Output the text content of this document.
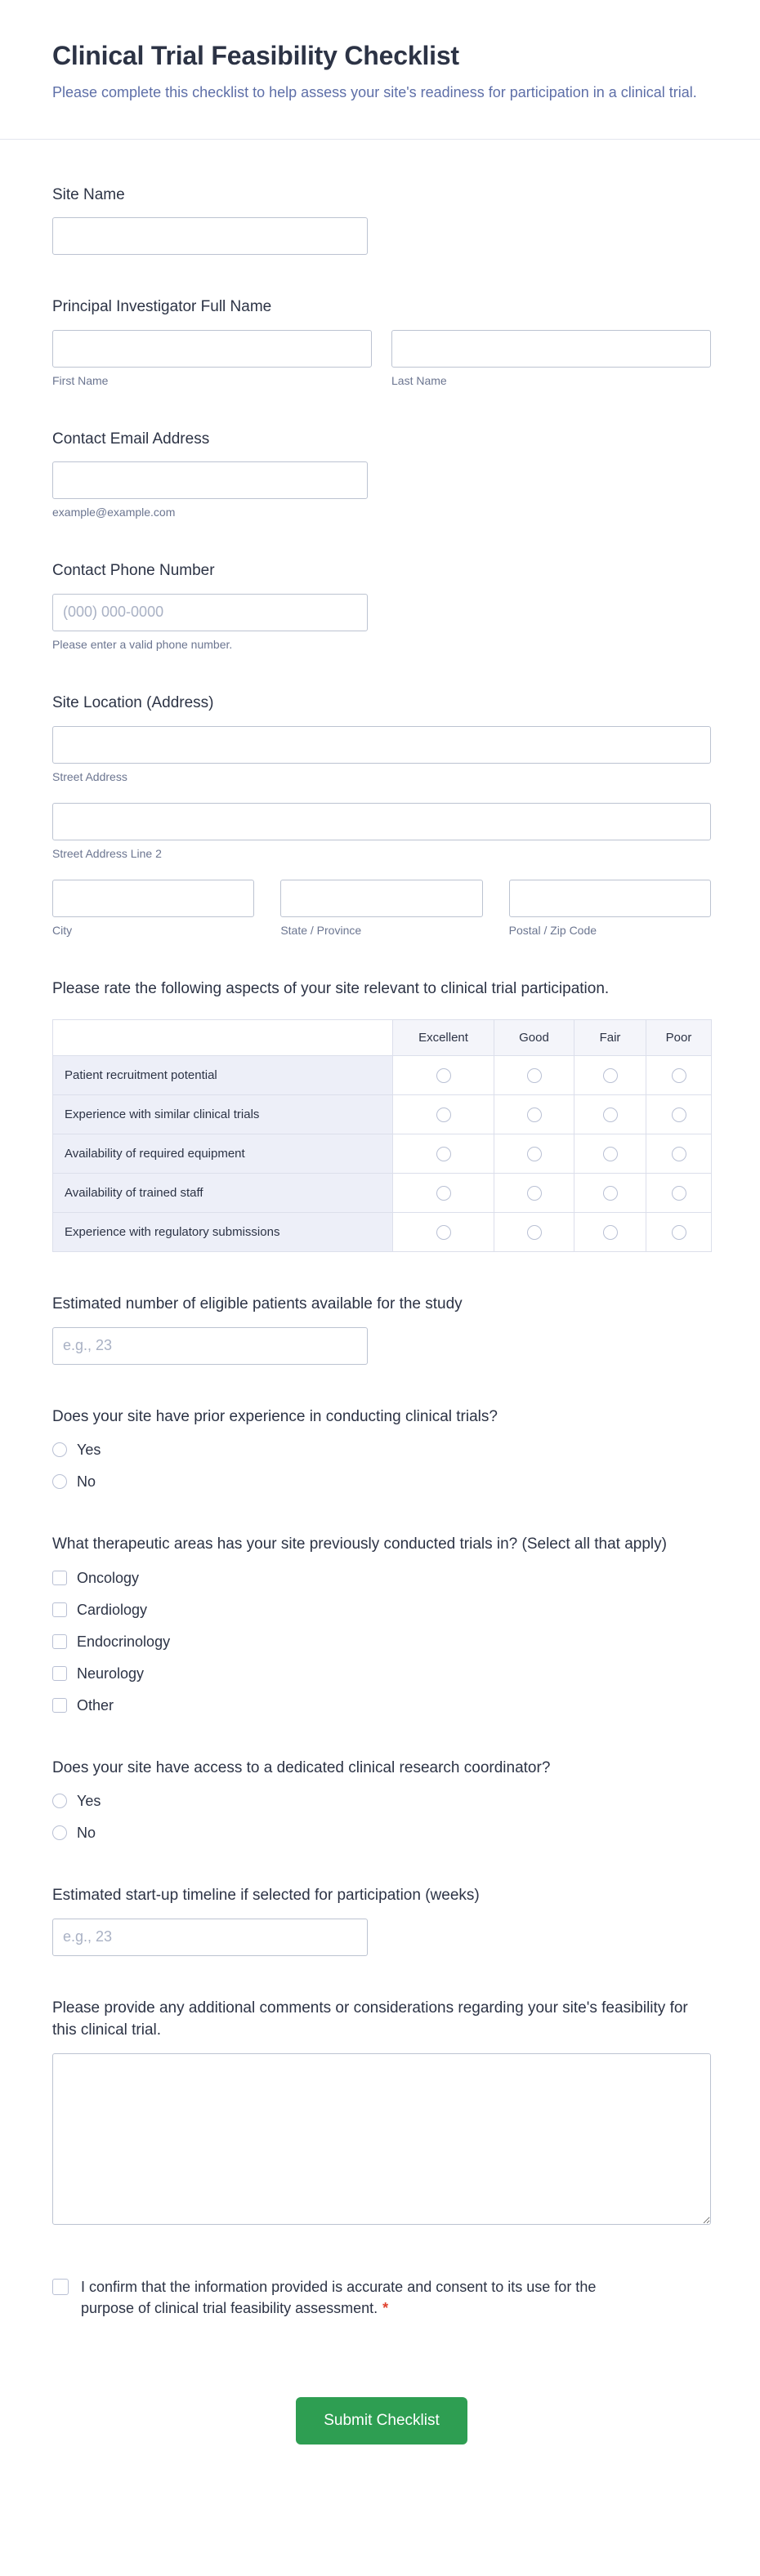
Clinical Trial Feasibility Checklist

Please complete this checklist to help assess your site's readiness for participation in a clinical trial.

Site Name
Principal Investigator Full Name
First Name	Last Name
Contact Email Address
example@example.com
Contact Phone Number
(000) 000-0000
Please enter a valid phone number.
Site Location (Address)
Street Address
Street Address Line 2
City	State / Province	Postal / Zip Code
Please rate the following aspects of your site relevant to clinical trial participation.
	Excellent	Good	Fair	Poor
Patient recruitment potential				
Experience with similar clinical trials				
Availability of required equipment				
Availability of trained staff				
Experience with regulatory submissions				
Estimated number of eligible patients available for the study
e.g., 23
Does your site have prior experience in conducting clinical trials?
Yes
No
What therapeutic areas has your site previously conducted trials in? (Select all that apply)
Oncology
Cardiology
Endocrinology
Neurology
Other
Does your site have access to a dedicated clinical research coordinator?
Yes
No
Estimated start-up timeline if selected for participation (weeks)
e.g., 23
Please provide any additional comments or considerations regarding your site's feasibility for this clinical trial.
I confirm that the information provided is accurate and consent to its use for the purpose of clinical trial feasibility assessment. *
Submit Checklist
